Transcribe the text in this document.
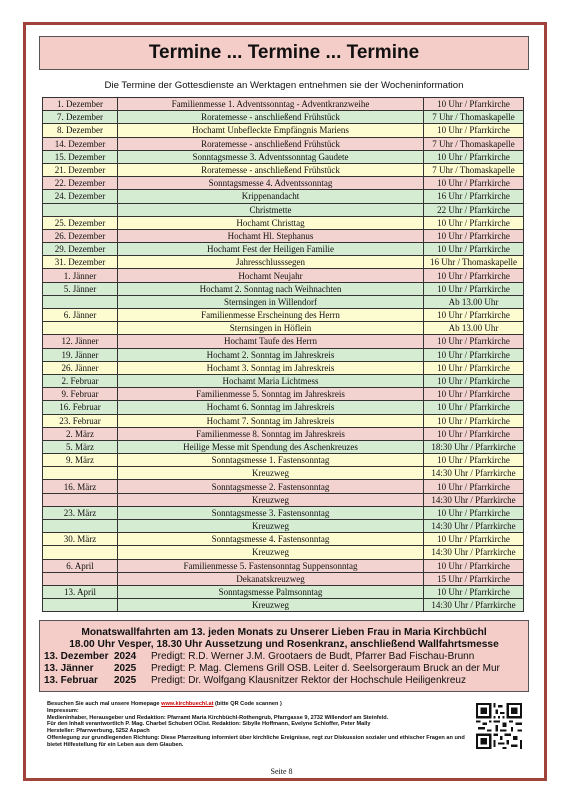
Termine ... Termine ... Termine
Die Termine der Gottesdienste an Werktagen entnehmen sie der Wocheninformation
1. Dezember	Familienmesse 1. Adventssonntag - Adventkranzweihe	10 Uhr / Pfarrkirche
7. Dezember	Roratemesse - anschließend Frühstück	7 Uhr / Thomaskapelle
8. Dezember	Hochamt Unbefleckte Empfängnis Mariens	10 Uhr / Pfarrkirche
14. Dezember	Roratemesse - anschließend Frühstück	7 Uhr / Thomaskapelle
15. Dezember	Sonntagsmesse 3. Adventssonntag Gaudete	10 Uhr / Pfarrkirche
21. Dezember	Roratemesse - anschließend Frühstück	7 Uhr / Thomaskapelle
22. Dezember	Sonntagsmesse 4. Adventssonntag	10 Uhr / Pfarrkirche
24. Dezember	Krippenandacht	16 Uhr / Pfarrkirche
	Christmette	22 Uhr / Pfarrkirche
25. Dezember	Hochamt Christtag	10 Uhr / Pfarrkirche
26. Dezember	Hochamt Hl. Stephanus	10 Uhr / Pfarrkirche
29. Dezember	Hochamt Fest der Heiligen Familie	10 Uhr / Pfarrkirche
31. Dezember	Jahresschlusssegen	16 Uhr / Thomaskapelle
1. Jänner	Hochamt Neujahr	10 Uhr / Pfarrkirche
5. Jänner	Hochamt 2. Sonntag nach Weihnachten	10 Uhr / Pfarrkirche
	Sternsingen in Willendorf	Ab 13.00 Uhr
6. Jänner	Familienmesse Erscheinung des Herrn	10 Uhr / Pfarrkirche
	Sternsingen in Höflein	Ab 13.00 Uhr
12. Jänner	Hochamt Taufe des Herrn	10 Uhr / Pfarrkirche
19. Jänner	Hochamt 2. Sonntag im Jahreskreis	10 Uhr / Pfarrkirche
26. Jänner	Hochamt 3. Sonntag im Jahreskreis	10 Uhr / Pfarrkirche
2. Februar	Hochamt Maria Lichtmess	10 Uhr / Pfarrkirche
9. Februar	Familienmesse 5. Sonntag im Jahreskreis	10 Uhr / Pfarrkirche
16. Februar	Hochamt 6. Sonntag im Jahreskreis	10 Uhr / Pfarrkirche
23. Februar	Hochamt 7. Sonntag im Jahreskreis	10 Uhr / Pfarrkirche
2. März	Familienmesse 8. Sonntag im Jahreskreis	10 Uhr / Pfarrkirche
5. März	Heilige Messe mit Spendung des Aschenkreuzes	18:30 Uhr / Pfarrkirche
9. März	Sonntagsmesse 1. Fastensonntag	10 Uhr / Pfarrkirche
	Kreuzweg	14:30 Uhr / Pfarrkirche
16. März	Sonntagsmesse 2. Fastensonntag	10 Uhr / Pfarrkirche
	Kreuzweg	14:30 Uhr / Pfarrkirche
23. März	Sonntagsmesse 3. Fastensonntag	10 Uhr / Pfarrkirche
	Kreuzweg	14:30 Uhr / Pfarrkirche
30. März	Sonntagsmesse 4. Fastensonntag	10 Uhr / Pfarrkirche
	Kreuzweg	14:30 Uhr / Pfarrkirche
6. April	Familienmesse 5. Fastensonntag Suppensonntag	10 Uhr / Pfarrkirche
	Dekanatskreuzweg	15 Uhr / Pfarrkirche
13. April	Sonntagsmesse Palmsonntag	10 Uhr / Pfarrkirche
	Kreuzweg	14:30 Uhr / Pfarrkirche
Monatswallfahrten am 13. jeden Monats zu Unserer Lieben Frau in Maria Kirchbüchl
18.00 Uhr Vesper, 18.30 Uhr Aussetzung und Rosenkranz, anschließend Wallfahrtsmesse
13. Dezember 2024 Predigt: R.D. Werner J.M. Grootaers de Budt, Pfarrer Bad Fischau-Brunn
13. Jänner 2025 Predigt: P. Mag. Clemens Grill OSB. Leiter d. Seelsorgeraum Bruck an der Mur
13. Februar 2025 Predigt: Dr. Wolfgang Klausnitzer Rektor der Hochschule Heiligenkreuz
Besuchen Sie auch mal unsere Homepage www.kirchbuechl.at (bitte QR Code scannen )
Impressum:
Medieninhaber, Herausgeber und Redaktion: Pfarramt Maria Kirchbüchl-Rothengrub, Pfarrgasse 9, 2732 Willendorf am Steinfeld.
Für den Inhalt verantwortlich P. Mag. Charbel Schubert OCist. Redaktion: Sibylle Hoffmann, Evelyne Schloffer, Peter Mally
Hersteller: Pfarrwerbung, 5252 Aspach
Offenlegung zur grundlegenden Richtung: Diese Pfarrzeitung informiert über kirchliche Ereignisse, regt zur Diskussion sozialer und ethischer Fragen an und bietet Hilfestellung für ein Leben aus dem Glauben.
Seite 8
